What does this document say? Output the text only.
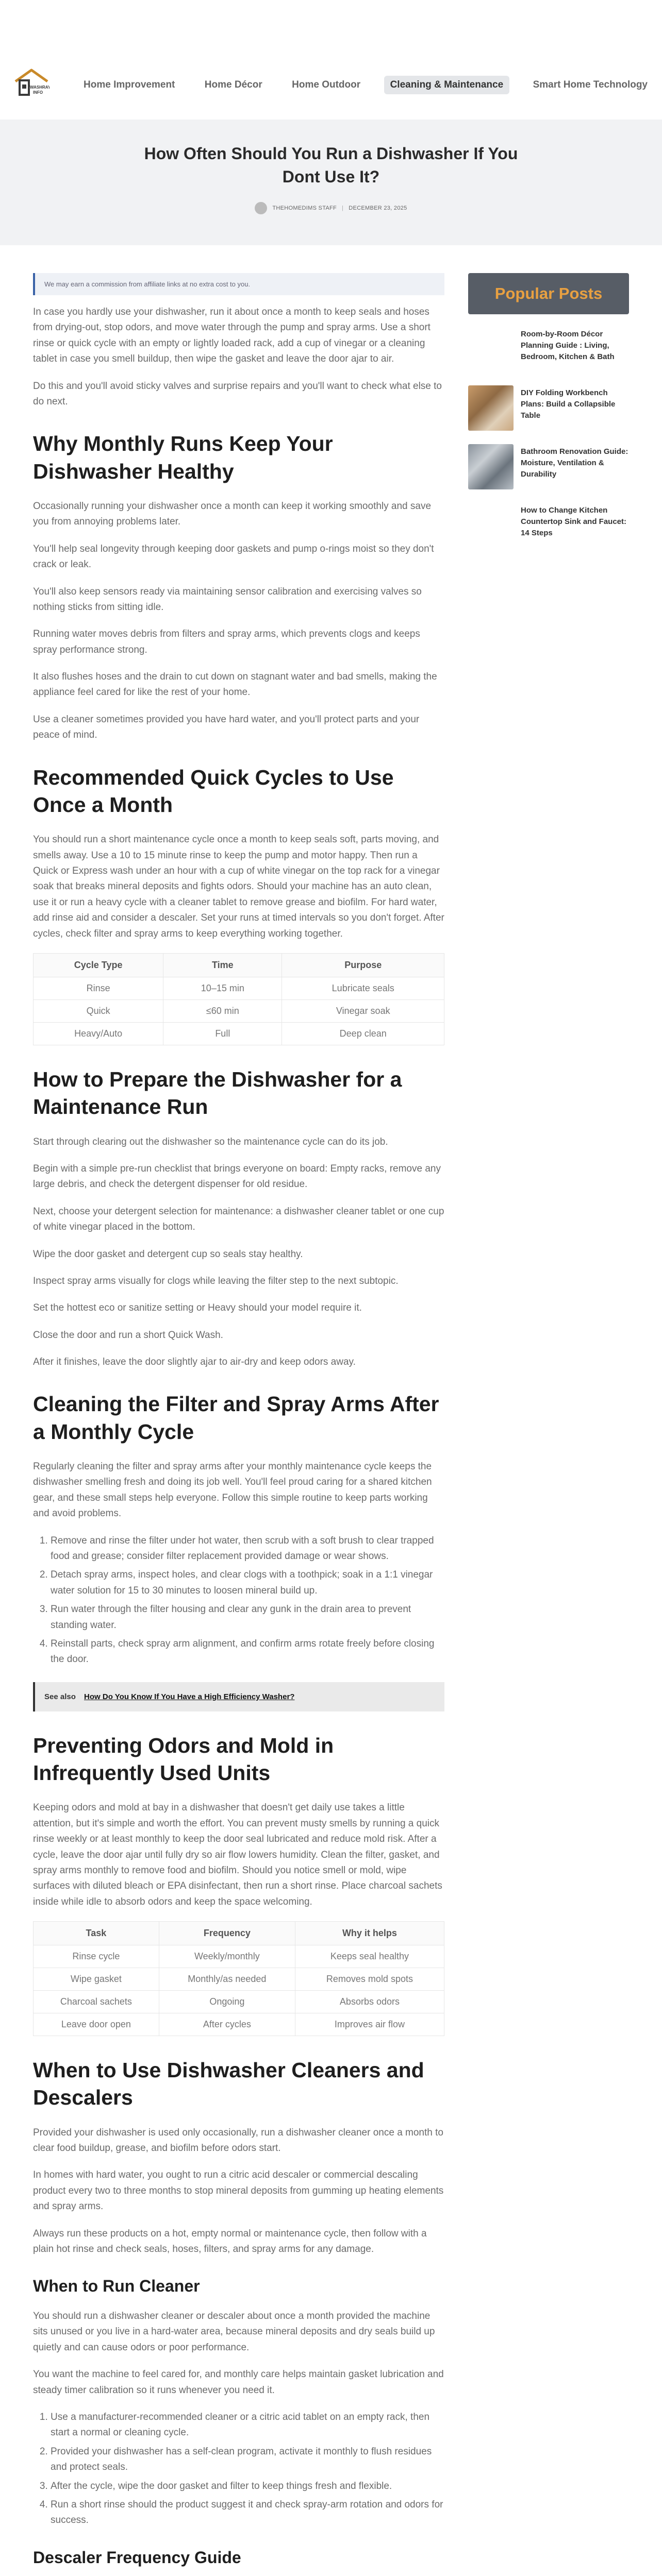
WASHRAY
INFO
Home Improvement	Home Décor	Home Outdoor	Cleaning & Maintenance	Smart Home Technology
How Often Should You Run a Dishwasher If You Dont Use It?
THEHOMEDIMS STAFF | DECEMBER 23, 2025
We may earn a commission from affiliate links at no extra cost to you.

In case you hardly use your dishwasher, run it about once a month to keep seals and hoses from drying-out, stop odors, and move water through the pump and spray arms. Use a short rinse or quick cycle with an empty or lightly loaded rack, add a cup of vinegar or a cleaning tablet in case you smell buildup, then wipe the gasket and leave the door ajar to air.

Do this and you'll avoid sticky valves and surprise repairs and you'll want to check what else to do next.

Why Monthly Runs Keep Your Dishwasher Healthy

Occasionally running your dishwasher once a month can keep it working smoothly and save you from annoying problems later.

You'll help seal longevity through keeping door gaskets and pump o-rings moist so they don't crack or leak.

You'll also keep sensors ready via maintaining sensor calibration and exercising valves so nothing sticks from sitting idle.

Running water moves debris from filters and spray arms, which prevents clogs and keeps spray performance strong.

It also flushes hoses and the drain to cut down on stagnant water and bad smells, making the appliance feel cared for like the rest of your home.

Use a cleaner sometimes provided you have hard water, and you'll protect parts and your peace of mind.

Recommended Quick Cycles to Use Once a Month

You should run a short maintenance cycle once a month to keep seals soft, parts moving, and smells away. Use a 10 to 15 minute rinse to keep the pump and motor happy. Then run a Quick or Express wash under an hour with a cup of white vinegar on the top rack for a vinegar soak that breaks mineral deposits and fights odors. Should your machine has an auto clean, use it or run a heavy cycle with a cleaner tablet to remove grease and biofilm. For hard water, add rinse aid and consider a descaler. Set your runs at timed intervals so you don't forget. After cycles, check filter and spray arms to keep everything working together.

Cycle Type	Time	Purpose
Rinse	10–15 min	Lubricate seals
Quick	≤60 min	Vinegar soak
Heavy/Auto	Full	Deep clean
How to Prepare the Dishwasher for a Maintenance Run

Start through clearing out the dishwasher so the maintenance cycle can do its job.

Begin with a simple pre-run checklist that brings everyone on board: Empty racks, remove any large debris, and check the detergent dispenser for old residue.

Next, choose your detergent selection for maintenance: a dishwasher cleaner tablet or one cup of white vinegar placed in the bottom.

Wipe the door gasket and detergent cup so seals stay healthy.

Inspect spray arms visually for clogs while leaving the filter step to the next subtopic.

Set the hottest eco or sanitize setting or Heavy should your model require it.

Close the door and run a short Quick Wash.

After it finishes, leave the door slightly ajar to air-dry and keep odors away.

Cleaning the Filter and Spray Arms After a Monthly Cycle

Regularly cleaning the filter and spray arms after your monthly maintenance cycle keeps the dishwasher smelling fresh and doing its job well. You'll feel proud caring for a shared kitchen gear, and these small steps help everyone. Follow this simple routine to keep parts working and avoid problems.

1. Remove and rinse the filter under hot water, then scrub with a soft brush to clear trapped food and grease; consider filter replacement provided damage or wear shows.
2. Detach spray arms, inspect holes, and clear clogs with a toothpick; soak in a 1:1 vinegar water solution for 15 to 30 minutes to loosen mineral build up.
3. Run water through the filter housing and clear any gunk in the drain area to prevent standing water.
4. Reinstall parts, check spray arm alignment, and confirm arms rotate freely before closing the door.
See also How Do You Know If You Have a High Efficiency Washer?
Preventing Odors and Mold in Infrequently Used Units

Keeping odors and mold at bay in a dishwasher that doesn't get daily use takes a little attention, but it's simple and worth the effort. You can prevent musty smells by running a quick rinse weekly or at least monthly to keep the door seal lubricated and reduce mold risk. After a cycle, leave the door ajar until fully dry so air flow lowers humidity. Clean the filter, gasket, and spray arms monthly to remove food and biofilm. Should you notice smell or mold, wipe surfaces with diluted bleach or EPA disinfectant, then run a short rinse. Place charcoal sachets inside while idle to absorb odors and keep the space welcoming.

Task	Frequency	Why it helps
Rinse cycle	Weekly/monthly	Keeps seal healthy
Wipe gasket	Monthly/as needed	Removes mold spots
Charcoal sachets	Ongoing	Absorbs odors
Leave door open	After cycles	Improves air flow
When to Use Dishwasher Cleaners and Descalers

Provided your dishwasher is used only occasionally, run a dishwasher cleaner once a month to clear food buildup, grease, and biofilm before odors start.

In homes with hard water, you ought to run a citric acid descaler or commercial descaling product every two to three months to stop mineral deposits from gumming up heating elements and spray arms.

Always run these products on a hot, empty normal or maintenance cycle, then follow with a plain hot rinse and check seals, hoses, filters, and spray arms for any damage.

When to Run Cleaner

You should run a dishwasher cleaner or descaler about once a month provided the machine sits unused or you live in a hard-water area, because mineral deposits and dry seals build up quietly and can cause odors or poor performance.

You want the machine to feel cared for, and monthly care helps maintain gasket lubrication and steady timer calibration so it runs whenever you need it.

1. Use a manufacturer-recommended cleaner or a citric acid tablet on an empty rack, then start a normal or cleaning cycle.
2. Provided your dishwasher has a self-clean program, activate it monthly to flush residues and protect seals.
3. After the cycle, wipe the door gasket and filter to keep things fresh and flexible.
4. Run a short rinse should the product suggest it and check spray-arm rotation and odors for success.
Descaler Frequency Guide

Popular Posts
Room-by-Room Décor Planning Guide : Living, Bedroom, Kitchen & Bath
DIY Folding Workbench Plans: Build a Collapsible Table
Bathroom Renovation Guide: Moisture, Ventilation & Durability
How to Change Kitchen Countertop Sink and Faucet: 14 Steps
